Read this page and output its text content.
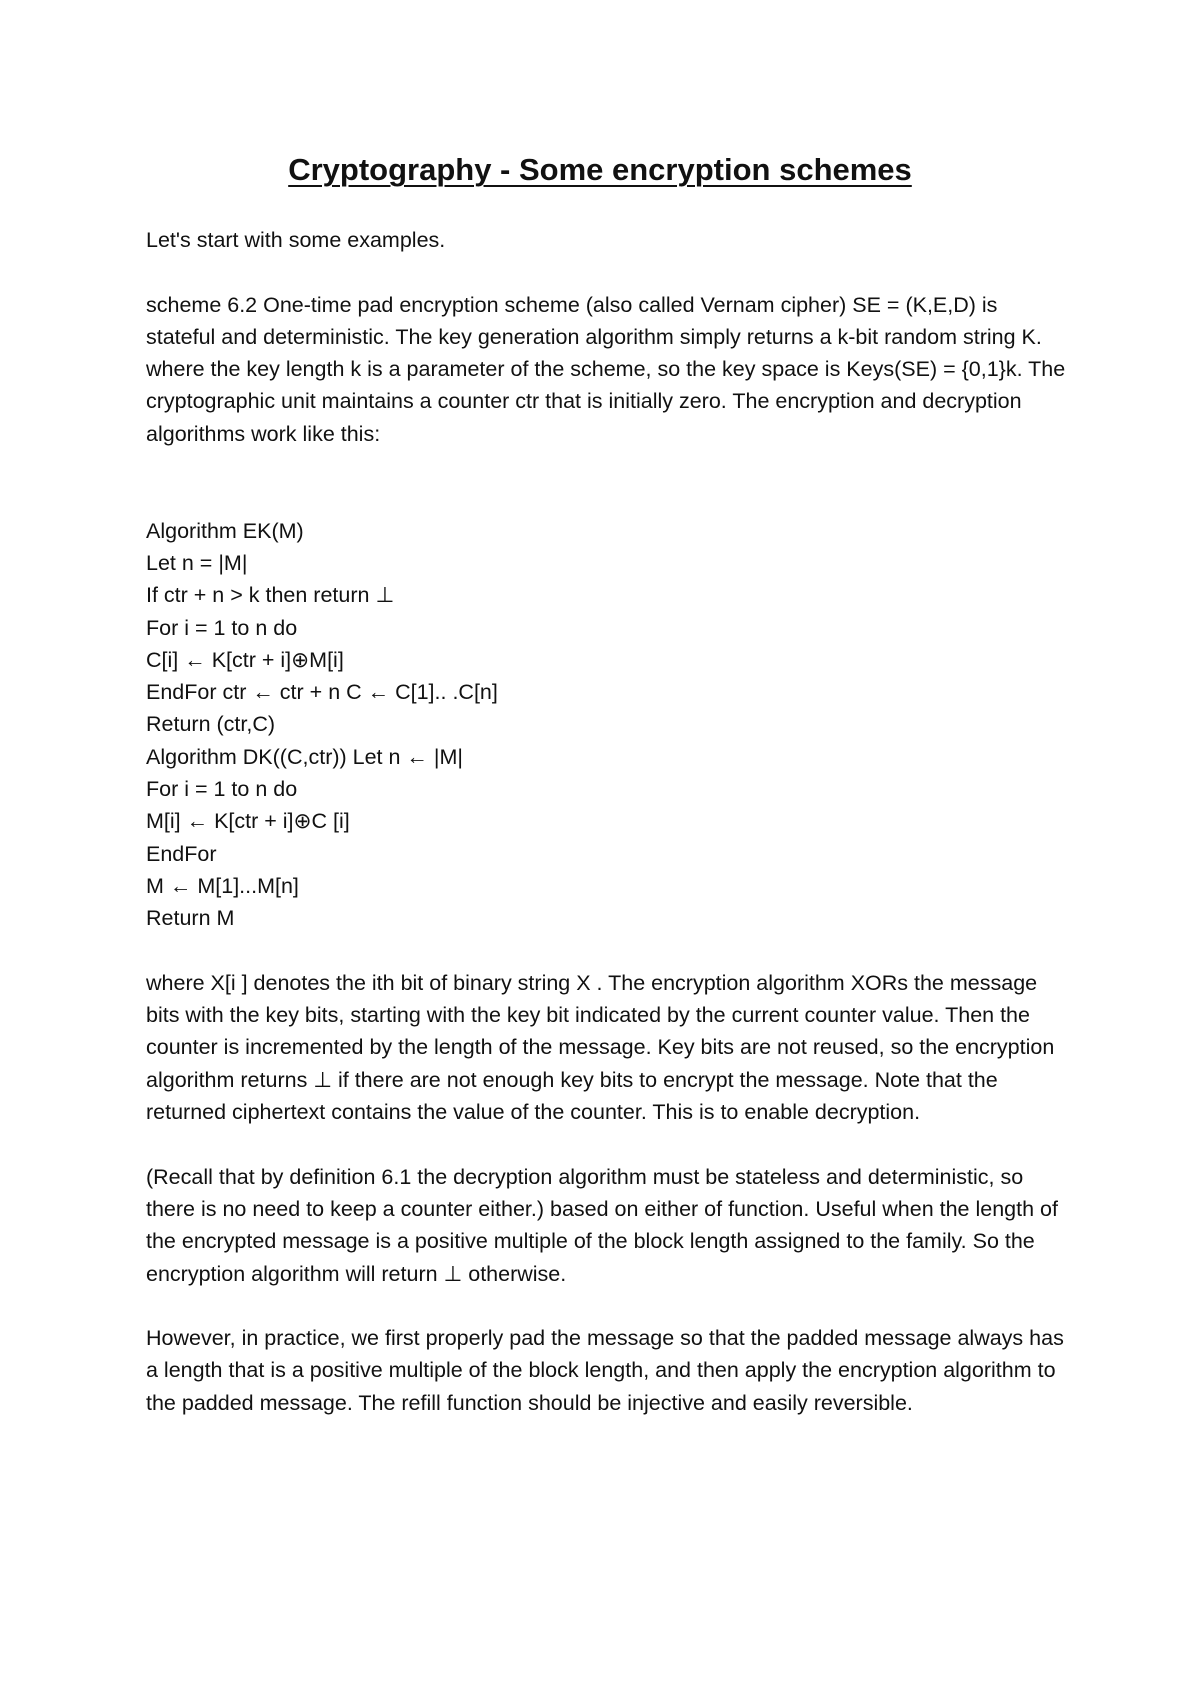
Cryptography - Some encryption schemes

Let's start with some examples.

scheme 6.2 One-time pad encryption scheme (also called Vernam cipher) SE = (K,E,D) is stateful and deterministic. The key generation algorithm simply returns a k-bit random string K. where the key length k is a parameter of the scheme, so the key space is Keys(SE) = {0,1}k. The cryptographic unit maintains a counter ctr that is initially zero. The encryption and decryption algorithms work like this:

Algorithm EK(M)
Let n = |M|
If ctr + n > k then return ⊥
For i = 1 to n do
C[i] ← K[ctr + i]⊕M[i]
EndFor ctr ← ctr + n C ← C[1].. .C[n]
Return (ctr,C)
Algorithm DK((C,ctr)) Let n ← |M|
For i = 1 to n do
M[i] ← K[ctr + i]⊕C [i]
EndFor
M ← M[1]...M[n]
Return M

where X[i ] denotes the ith bit of binary string X . The encryption algorithm XORs the message bits with the key bits, starting with the key bit indicated by the current counter value. Then the counter is incremented by the length of the message. Key bits are not reused, so the encryption algorithm returns ⊥ if there are not enough key bits to encrypt the message. Note that the returned ciphertext contains the value of the counter. This is to enable decryption.

(Recall that by definition 6.1 the decryption algorithm must be stateless and deterministic, so there is no need to keep a counter either.) based on either of function. Useful when the length of the encrypted message is a positive multiple of the block length assigned to the family. So the encryption algorithm will return ⊥ otherwise.

However, in practice, we first properly pad the message so that the padded message always has a length that is a positive multiple of the block length, and then apply the encryption algorithm to the padded message. The refill function should be injective and easily reversible.
